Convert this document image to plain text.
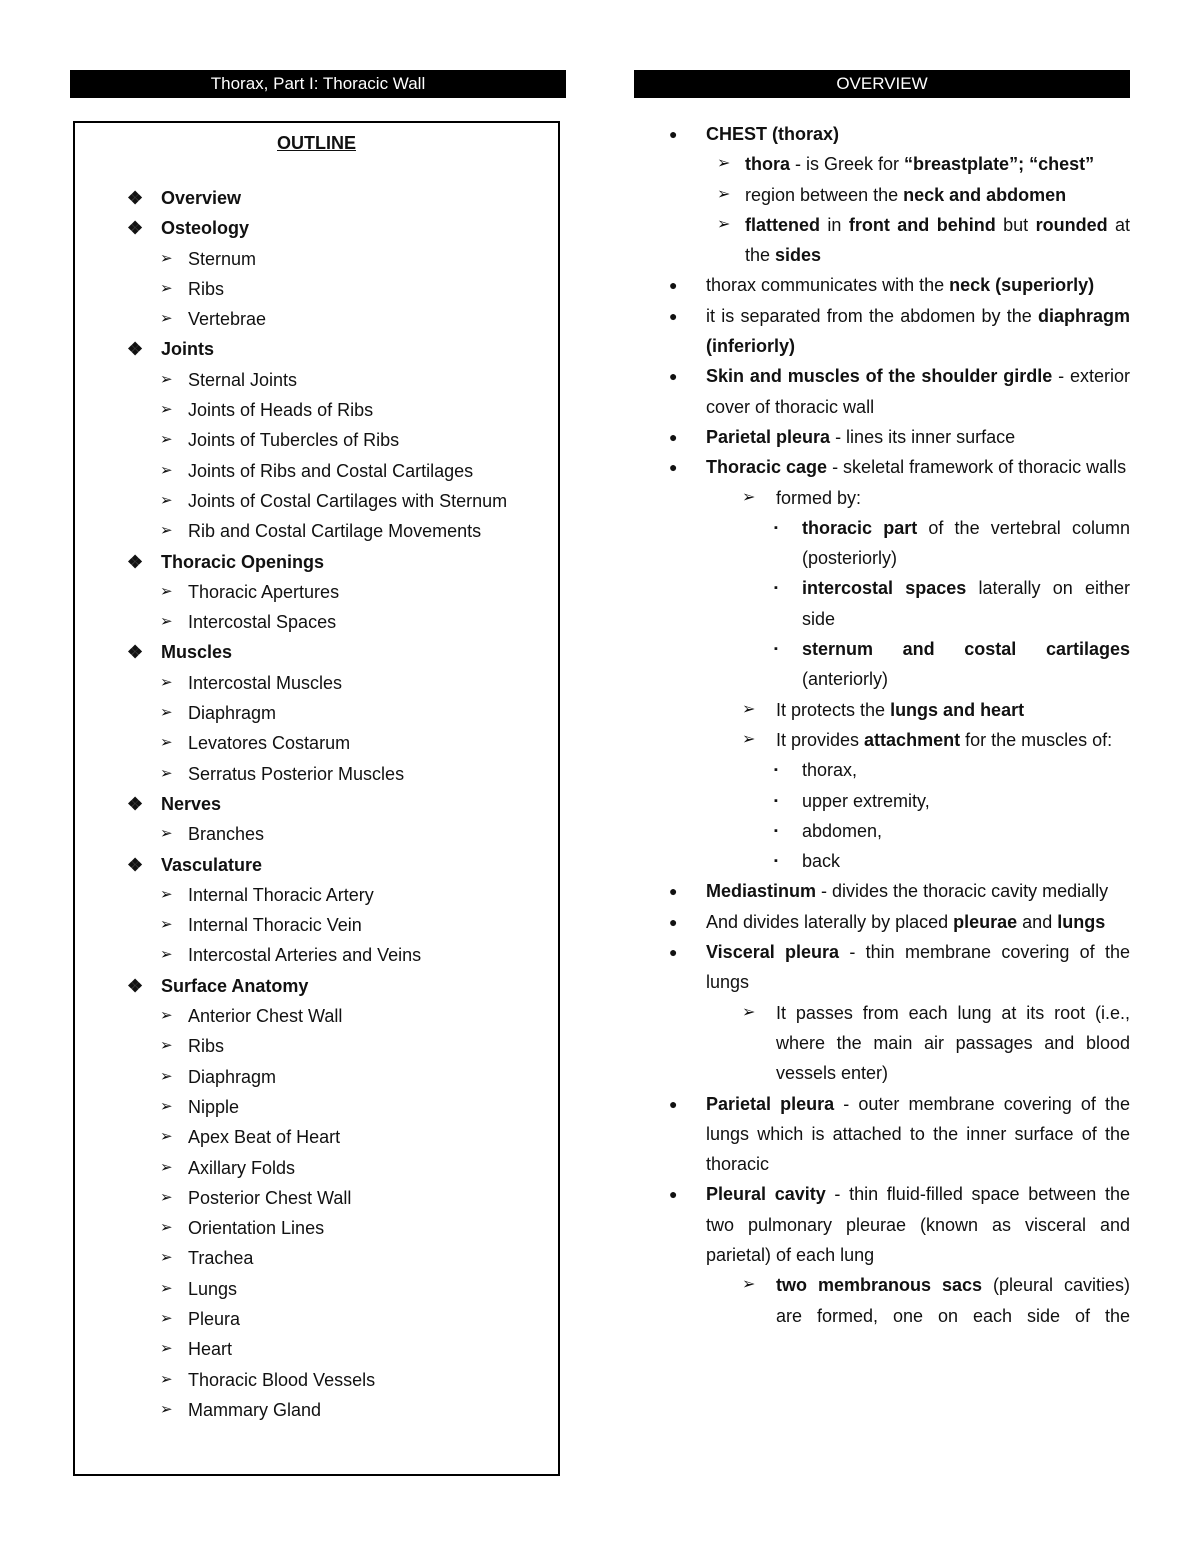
Thorax, Part I: Thoracic Wall	OVERVIEW
OUTLINE
❖ Overview
❖ Osteology
➢ Sternum
➢ Ribs
➢ Vertebrae
❖ Joints
➢ Sternal Joints
➢ Joints of Heads of Ribs
➢ Joints of Tubercles of Ribs
➢ Joints of Ribs and Costal Cartilages
➢ Joints of Costal Cartilages with Sternum
➢ Rib and Costal Cartilage Movements
❖ Thoracic Openings
➢ Thoracic Apertures
➢ Intercostal Spaces
❖ Muscles
➢ Intercostal Muscles
➢ Diaphragm
➢ Levatores Costarum
➢ Serratus Posterior Muscles
❖ Nerves
➢ Branches
❖ Vasculature
➢ Internal Thoracic Artery
➢ Internal Thoracic Vein
➢ Intercostal Arteries and Veins
❖ Surface Anatomy
➢ Anterior Chest Wall
➢ Ribs
➢ Diaphragm
➢ Nipple
➢ Apex Beat of Heart
➢ Axillary Folds
➢ Posterior Chest Wall
➢ Orientation Lines
➢ Trachea
➢ Lungs
➢ Pleura
➢ Heart
➢ Thoracic Blood Vessels
➢ Mammary Gland
● CHEST (thorax)
➢ thora - is Greek for “breastplate”; “chest”
➢ region between the neck and abdomen
➢ flattened in front and behind but rounded at the sides
● thorax communicates with the neck (superiorly)
● it is separated from the abdomen by the diaphragm (inferiorly)
● Skin and muscles of the shoulder girdle - exterior cover of thoracic wall
● Parietal pleura - lines its inner surface
● Thoracic cage - skeletal framework of thoracic walls
➢ formed by:
▪ thoracic part of the vertebral column (posteriorly)
▪ intercostal spaces laterally on either side
▪ sternum and costal cartilages (anteriorly)
➢ It protects the lungs and heart
➢ It provides attachment for the muscles of:
▪ thorax,
▪ upper extremity,
▪ abdomen,
▪ back
● Mediastinum - divides the thoracic cavity medially
● And divides laterally by placed pleurae and lungs
● Visceral pleura - thin membrane covering of the lungs
➢ It passes from each lung at its root (i.e., where the main air passages and blood vessels enter)
● Parietal pleura - outer membrane covering of the lungs which is attached to the inner surface of the thoracic
● Pleural cavity - thin fluid-filled space between the two pulmonary pleurae (known as visceral and parietal) of each lung
➢ two membranous sacs (pleural cavities) are formed, one on each side of the
